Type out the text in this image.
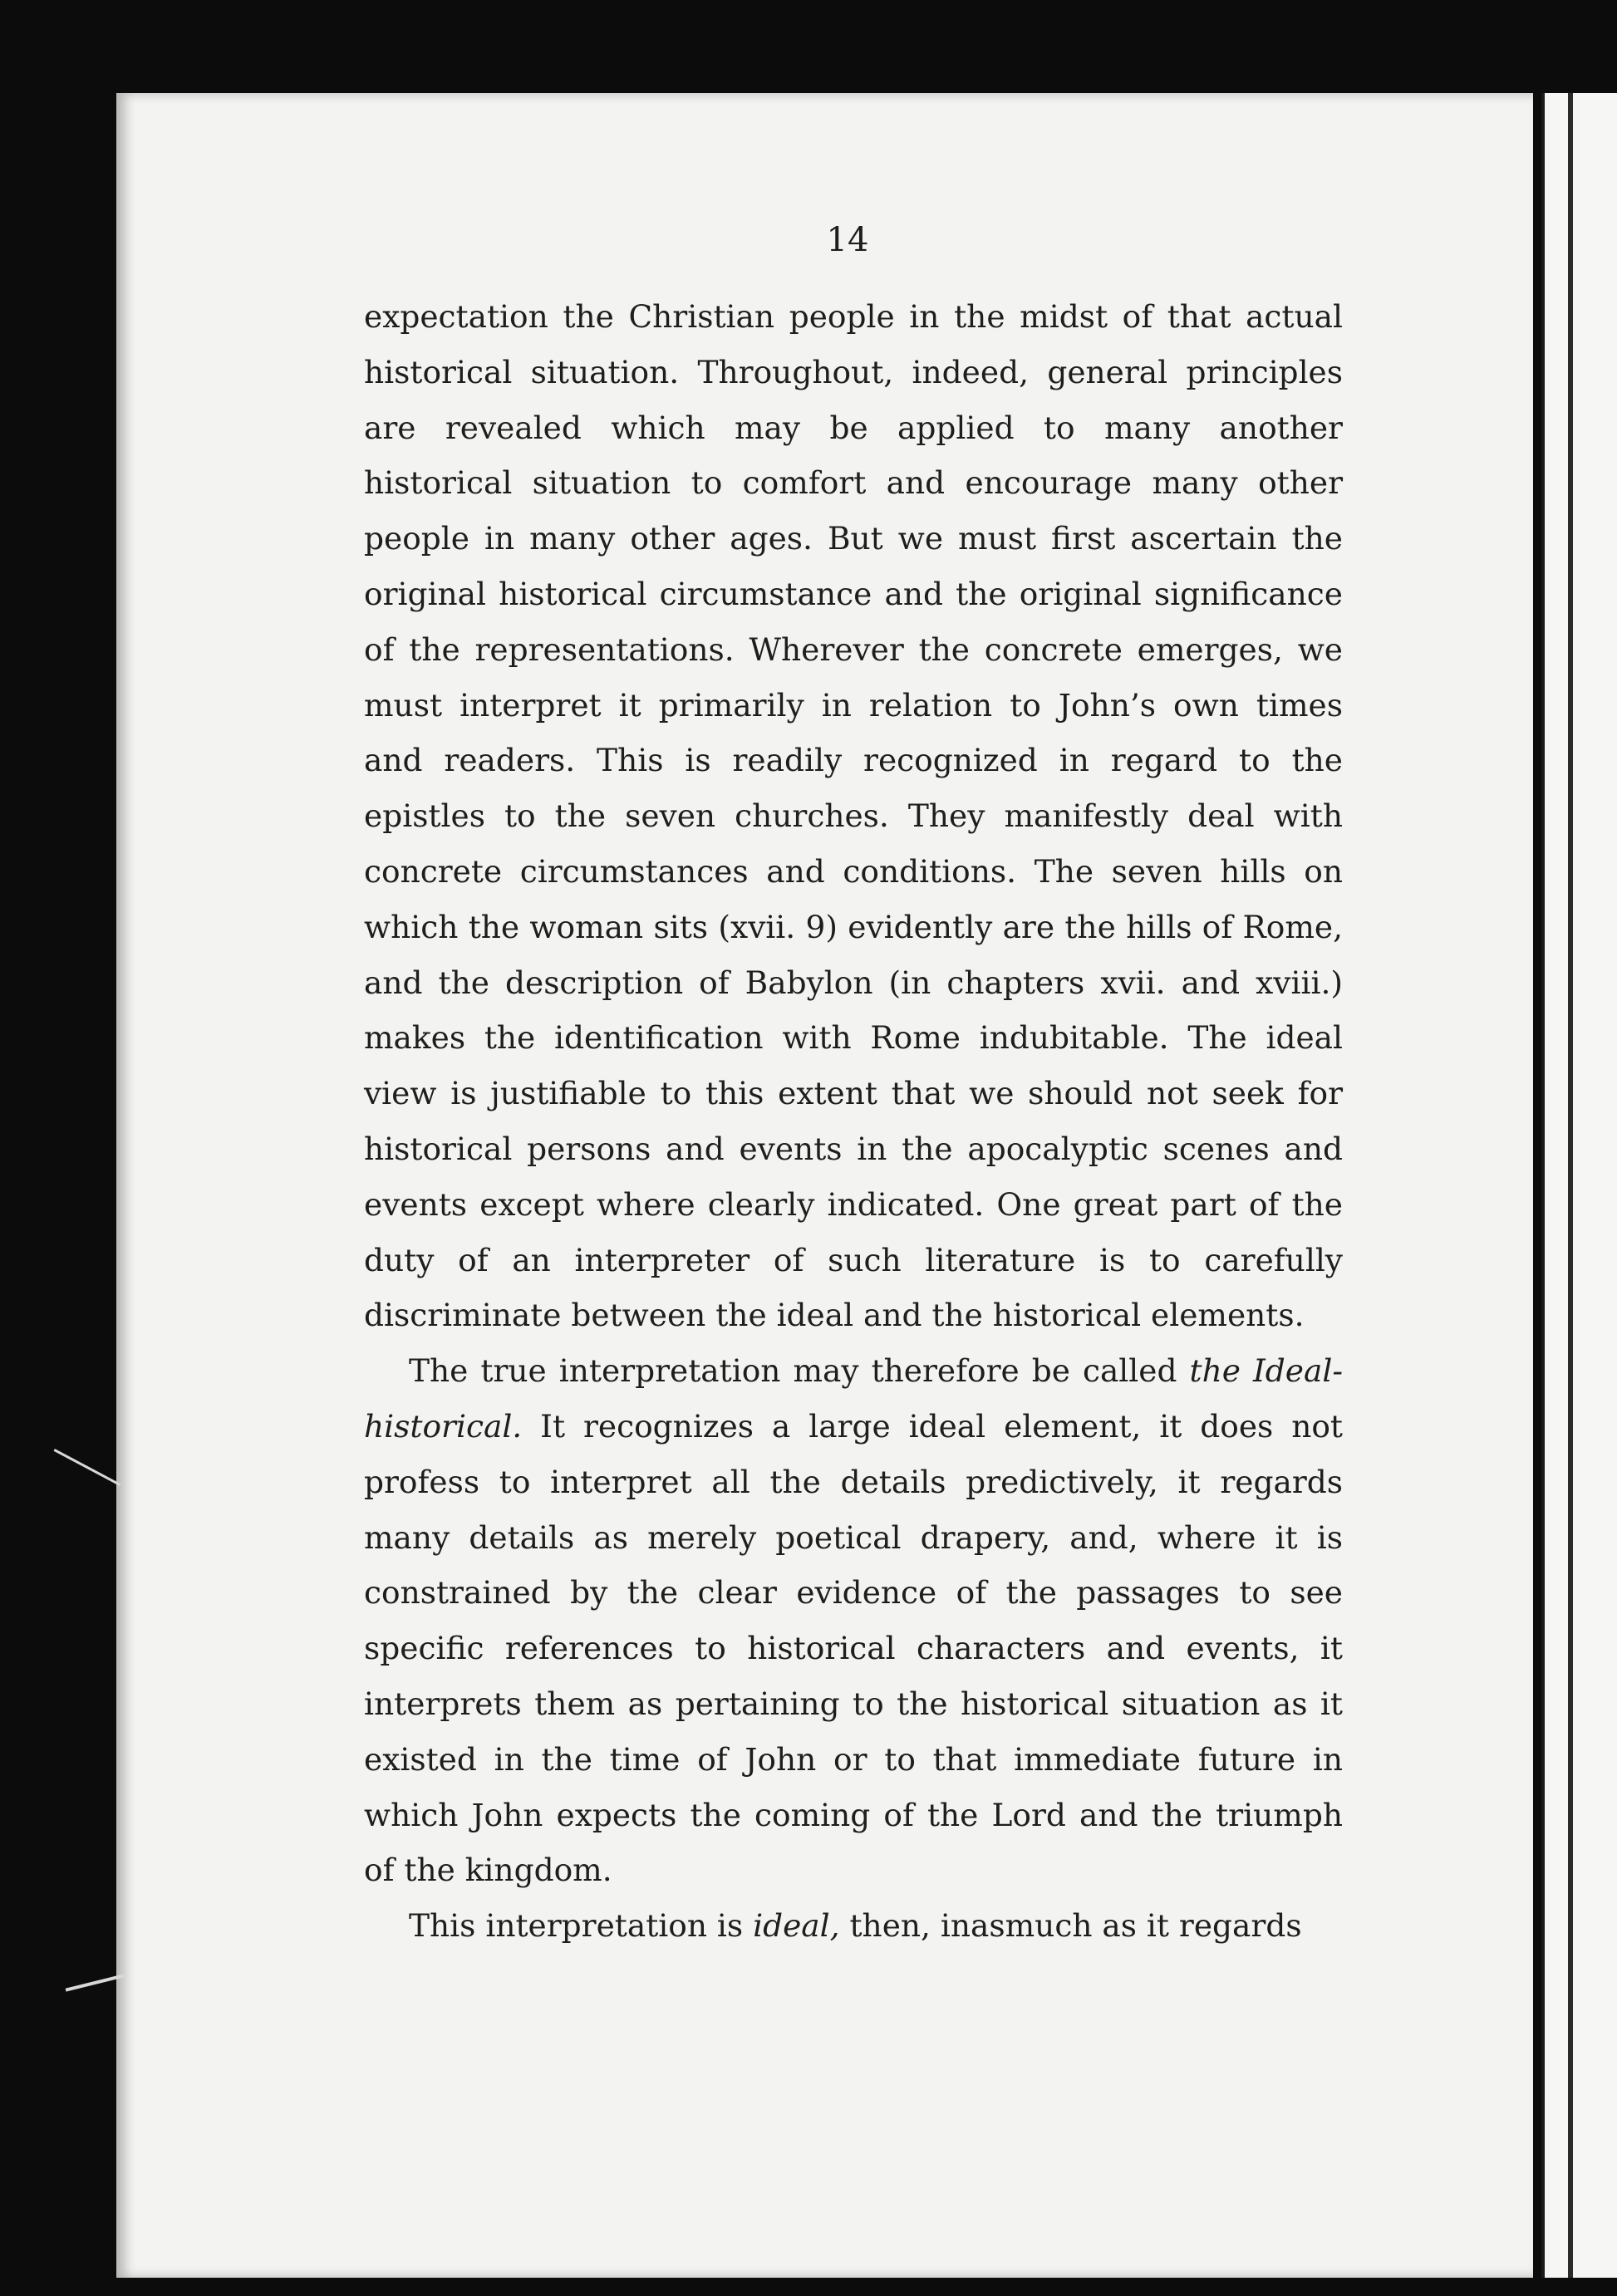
14

expectation the Christian people in the midst of that actual historical situation. Throughout, indeed, general principles are revealed which may be applied to many another historical situation to comfort and encourage many other people in many other ages. But we must first ascertain the original historical circumstance and the original significance of the representations. Wherever the concrete emerges, we must interpret it primarily in relation to John’s own times and readers. This is readily recognized in regard to the epistles to the seven churches. They manifestly deal with concrete circumstances and conditions. The seven hills on which the woman sits (xvii. 9) evidently are the hills of Rome, and the description of Babylon (in chapters xvii. and xviii.) makes the identification with Rome indubitable. The ideal view is justifiable to this extent that we should not seek for historical persons and events in the apocalyptic scenes and events except where clearly indicated. One great part of the duty of an interpreter of such literature is to carefully discriminate between the ideal and the historical elements.

The true interpretation may therefore be called the Ideal-historical. It recognizes a large ideal element, it does not profess to interpret all the details predictively, it regards many details as merely poetical drapery, and, where it is constrained by the clear evidence of the passages to see specific references to historical characters and events, it interprets them as pertaining to the historical situation as it existed in the time of John or to that immediate future in which John expects the coming of the Lord and the triumph of the kingdom.

This interpretation is ideal, then, inasmuch as it regards
